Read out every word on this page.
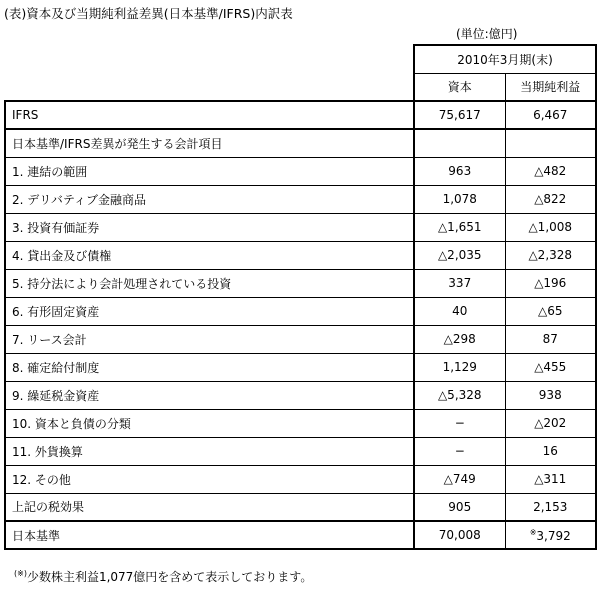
(表)資本及び当期純利益差異(日本基準/IFRS)内訳表
(単位:億円)
	2010年3月期(末)	
	資本	当期純利益
IFRS	75,617	6,467
日本基準/IFRS差異が発生する会計項目		
1. 連結の範囲	963	△482
2. デリバティブ金融商品	1,078	△822
3. 投資有価証券	△1,651	△1,008
4. 貸出金及び債権	△2,035	△2,328
5. 持分法により会計処理されている投資	337	△196
6. 有形固定資産	40	△65
7. リース会計	△298	87
8. 確定給付制度	1,129	△455
9. 繰延税金資産	△5,328	938
10. 資本と負債の分類	−	△202
11. 外貨換算	−	16
12. その他	△749	△311
上記の税効果	905	2,153
日本基準	70,008	※3,792
(※)少数株主利益1,077億円を含めて表示しております。
